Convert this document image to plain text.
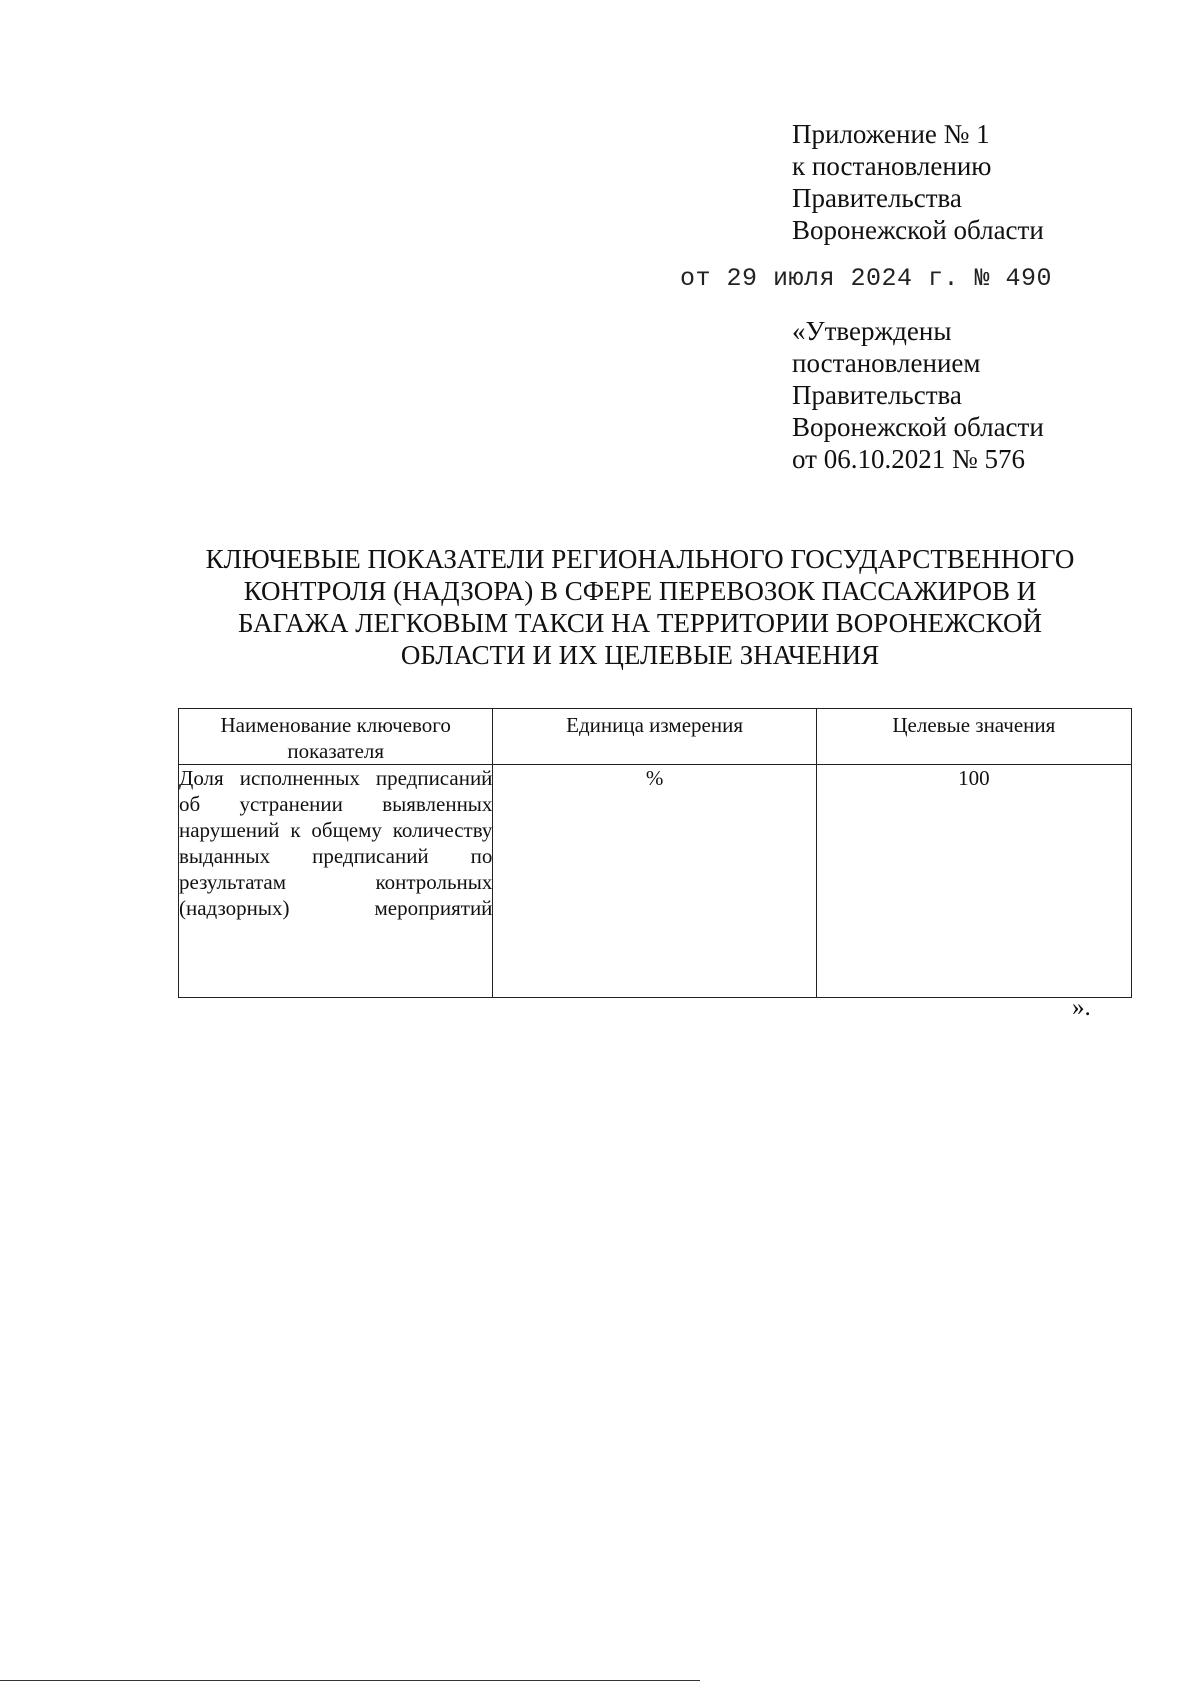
Приложение № 1
к постановлению
Правительства
Воронежской области
от 29 июля 2024 г. № 490
«Утверждены
постановлением
Правительства
Воронежской области
от 06.10.2021 № 576
КЛЮЧЕВЫЕ ПОКАЗАТЕЛИ РЕГИОНАЛЬНОГО ГОСУДАРСТВЕННОГО
КОНТРОЛЯ (НАДЗОРА) В СФЕРЕ ПЕРЕВОЗОК ПАССАЖИРОВ И
БАГАЖА ЛЕГКОВЫМ ТАКСИ НА ТЕРРИТОРИИ ВОРОНЕЖСКОЙ
ОБЛАСТИ И ИХ ЦЕЛЕВЫЕ ЗНАЧЕНИЯ
Наименование ключевого показателя	Единица измерения	Целевые значения
Доля исполненных предписаний об устранении выявленных нарушений к общему количеству выданных предписаний по результатам контрольных (надзорных) мероприятий	%	100
».
